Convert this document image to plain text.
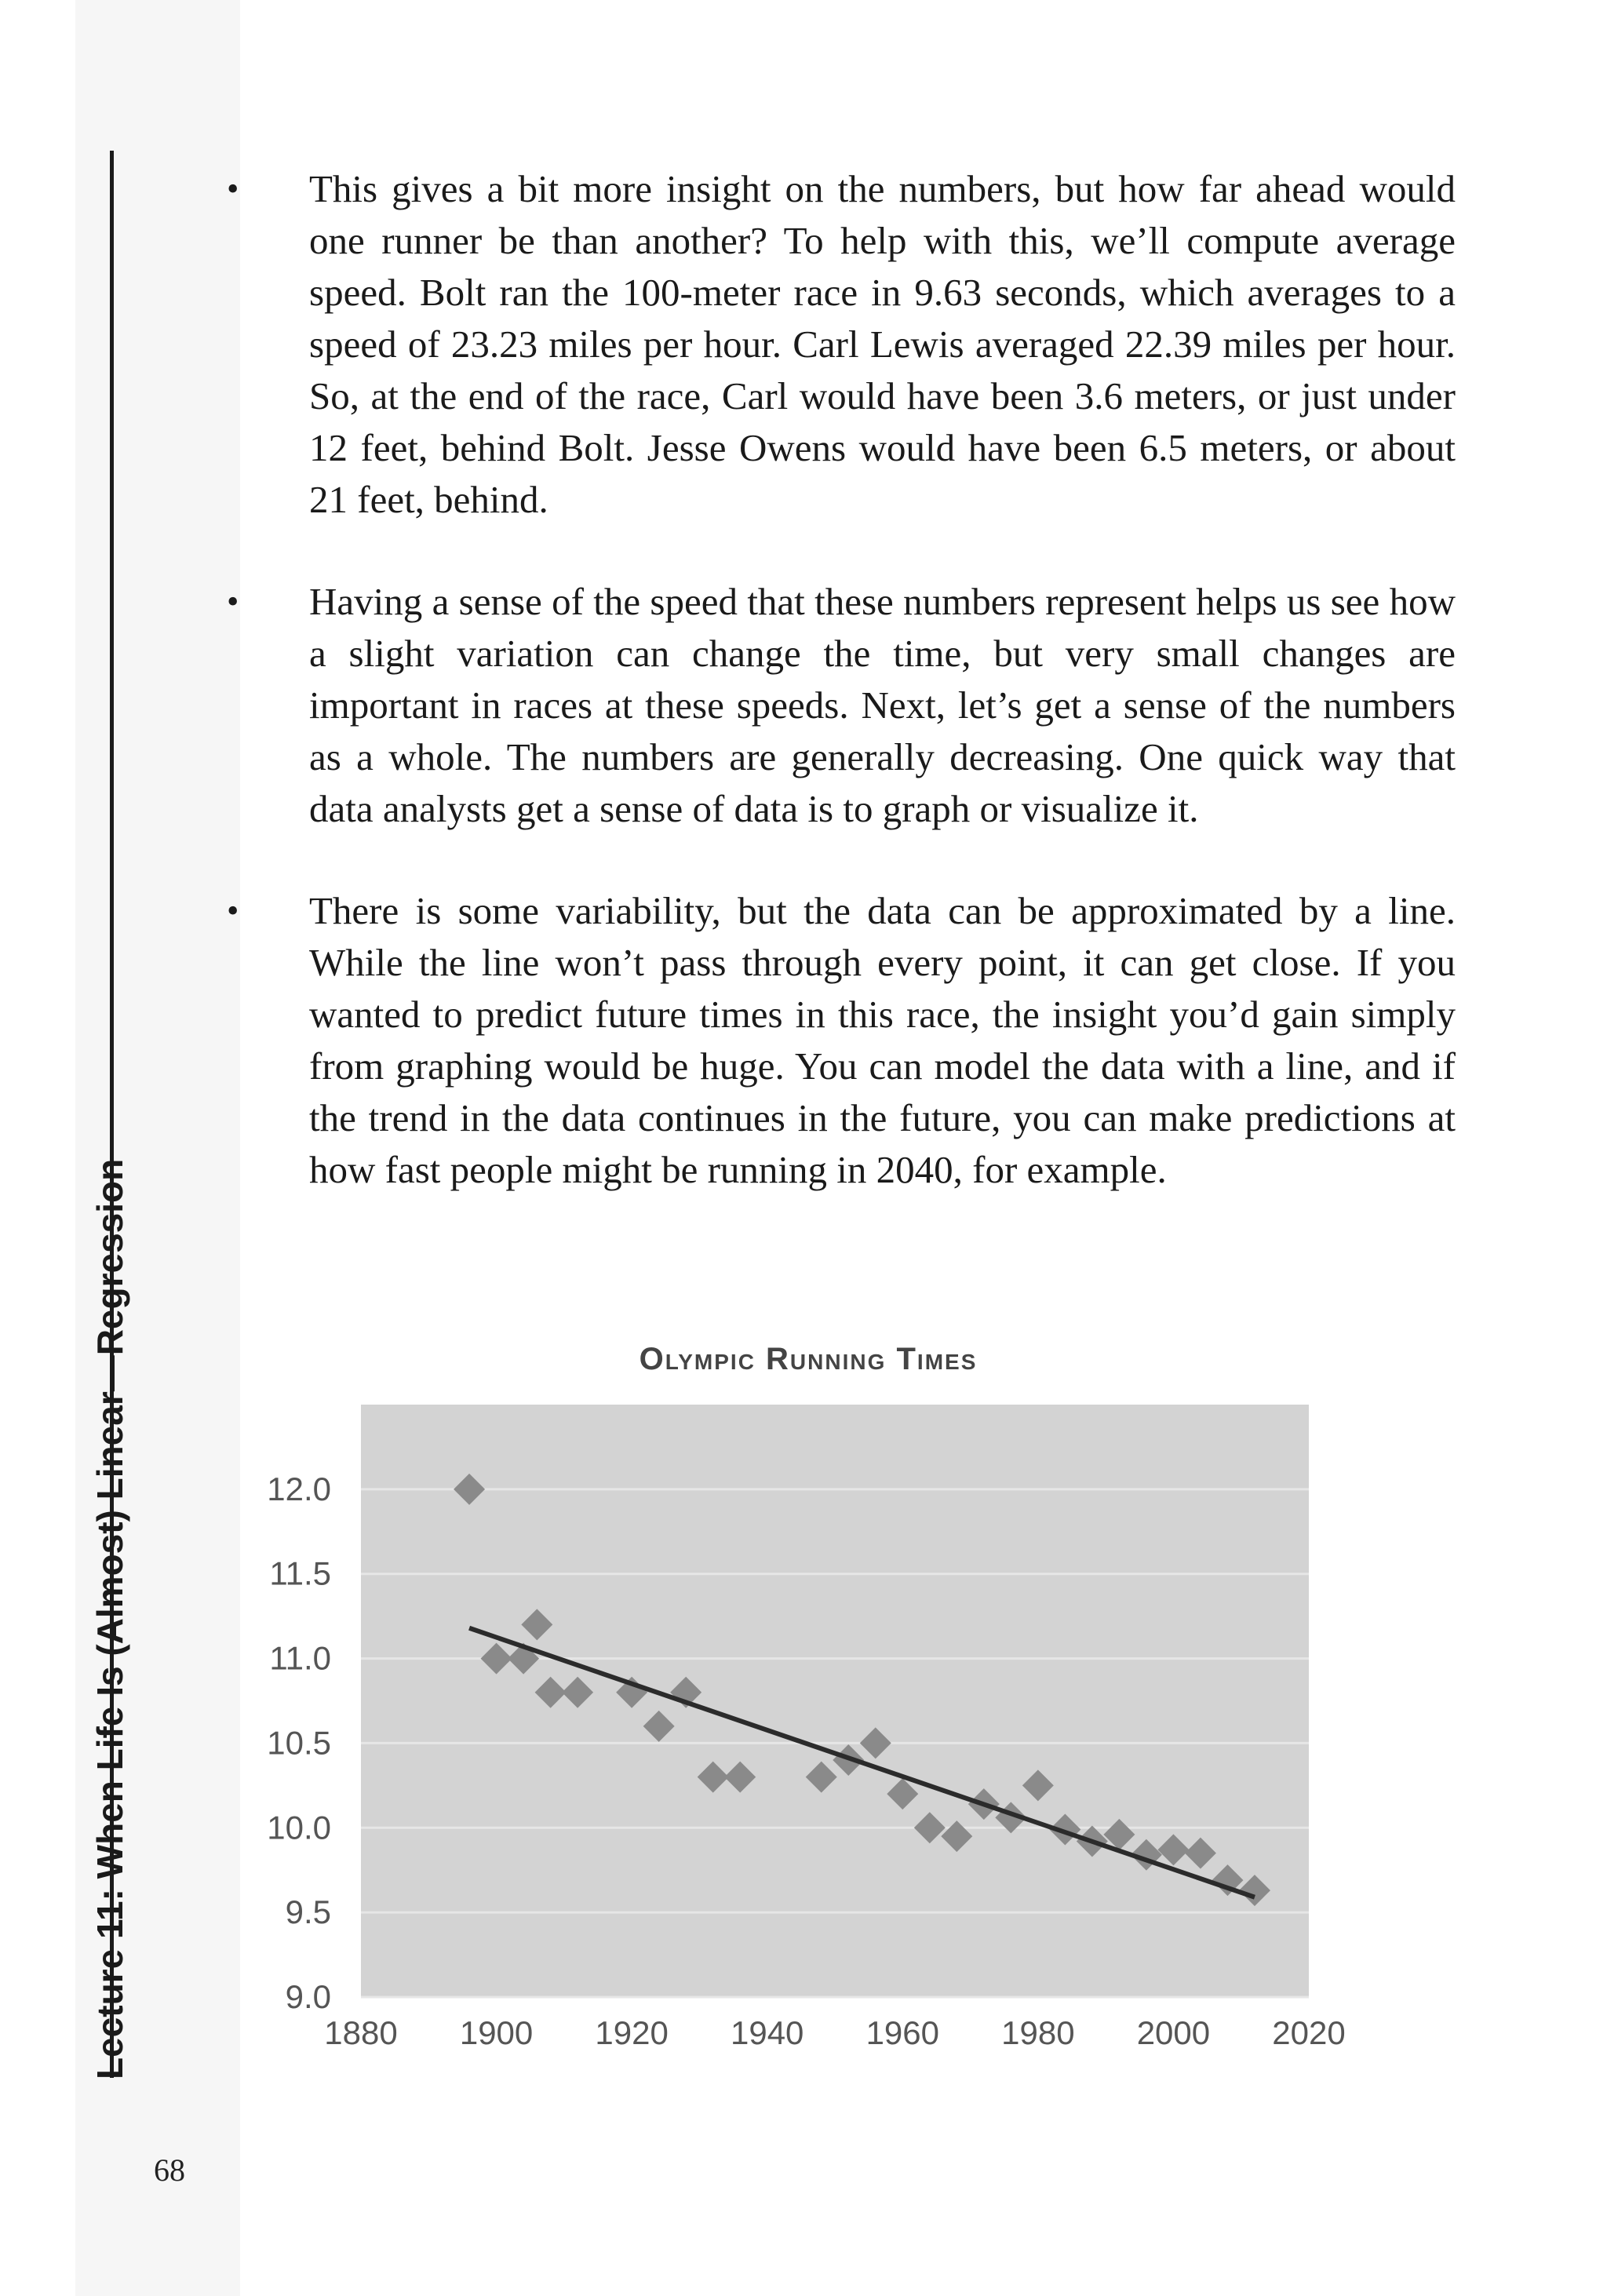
Lecture 11: When Life Is (Almost) Linear—Regression
•	This gives a bit more insight on the numbers, but how far ahead would one runner be than another? To help with this, we’ll compute average speed. Bolt ran the 100-meter race in 9.63 seconds, which averages to a speed of 23.23 miles per hour. Carl Lewis averaged 22.39 miles per hour. So, at the end of the race, Carl would have been 3.6 meters, or just under 12 feet, behind Bolt. Jesse Owens would have been 6.5 meters, or about 21 feet, behind.
•	Having a sense of the speed that these numbers represent helps us see how a slight variation can change the time, but very small changes are important in races at these speeds. Next, let’s get a sense of the numbers as a whole. The numbers are generally decreasing. One quick way that data analysts get a sense of data is to graph or visualize it.
•	There is some variability, but the data can be approximated by a line. While the line won’t pass through every point, it can get close. If you wanted to predict future times in this race, the insight you’d gain simply from graphing would be huge. You can model the data with a line, and if the trend in the data continues in the future, you can make predictions at how fast people might be running in 2040, for example.
9.0
9.5
10.0
10.5
11.0
11.5
12.0
1880 1900 1920 1940 1960 1980 2000 2020
Olympic Running Times
68
